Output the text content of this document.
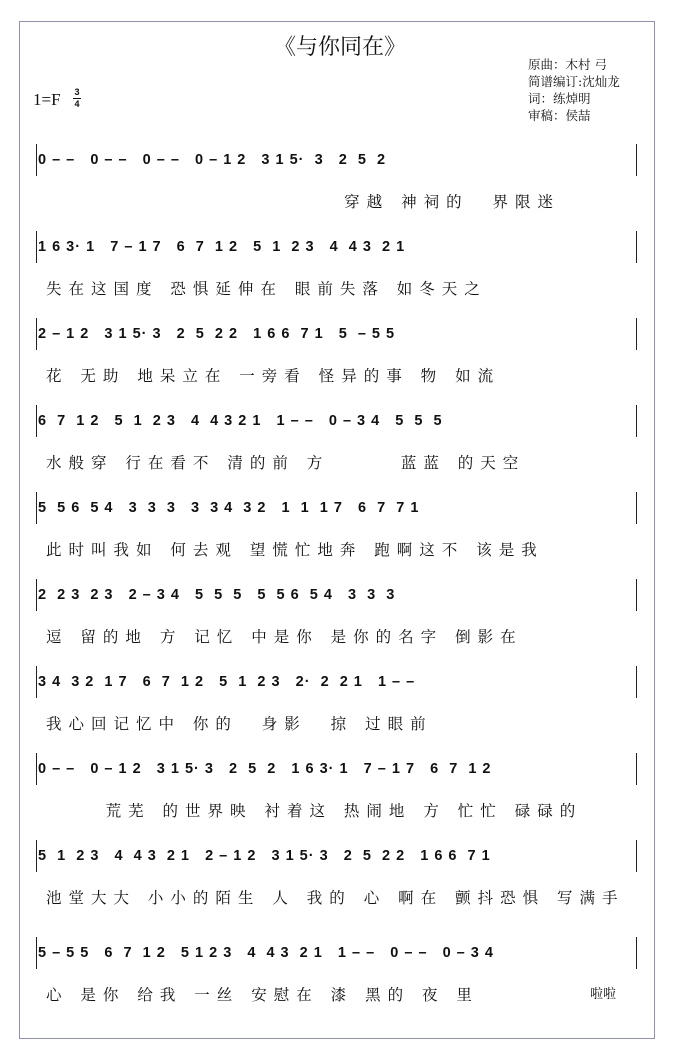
《与你同在》
原曲：木村 弓
简谱编订:沈灿龙
词：练焯明
审稿：侯喆
1=F 3
4
0 – –   0 – –   0 – –   0 – 1 2   3 1 5·  3   2  5  2
穿越 神祠的  界限迷
1 6 3· 1   7 – 1 7   6  7  1 2   5  1  2 3   4  4 3  2 1
失在这国度 恐惧延伸在 眼前失落 如冬天之
2 – 1 2   3 1 5· 3   2  5  2 2   1 6 6  7 1   5  – 5 5
花 无助 地呆立在 一旁看 怪异的事 物 如流
6  7  1 2   5  1  2 3   4  4 3 2 1   1 – –   0 – 3 4   5  5  5
水般穿 行在看不 清的前 方      蓝蓝 的天空
5  5 6  5 4   3  3  3   3  3 4  3 2   1  1  1 7   6  7  7 1
此时叫我如 何去观 望慌忙地奔 跑啊这不 该是我
2  2 3  2 3   2 – 3 4   5  5  5   5  5 6  5 4   3  3  3
逗 留的地 方 记忆 中是你 是你的名字 倒影在
3 4  3 2  1 7   6  7  1 2   5  1  2 3   2·  2  2 1   1 – –
我心回记忆中 你的  身影  掠 过眼前
0 – –   0 – 1 2   3 1 5· 3   2  5  2   1 6 3· 1   7 – 1 7   6  7  1 2
荒芜 的世界映 衬着这 热闹地 方 忙忙 碌碌的
5  1  2 3   4  4 3  2 1   2 – 1 2   3 1 5· 3   2  5  2 2   1 6 6  7 1
池堂大大 小小的陌生 人 我的 心 啊在 颤抖恐惧 写满手
5 – 5 5   6  7  1 2   5 1 2 3   4  4 3  2 1   1 – –   0 – –   0 – 3 4
心 是你 给我 一丝 安慰在 漆 黑的 夜 里	啦啦
